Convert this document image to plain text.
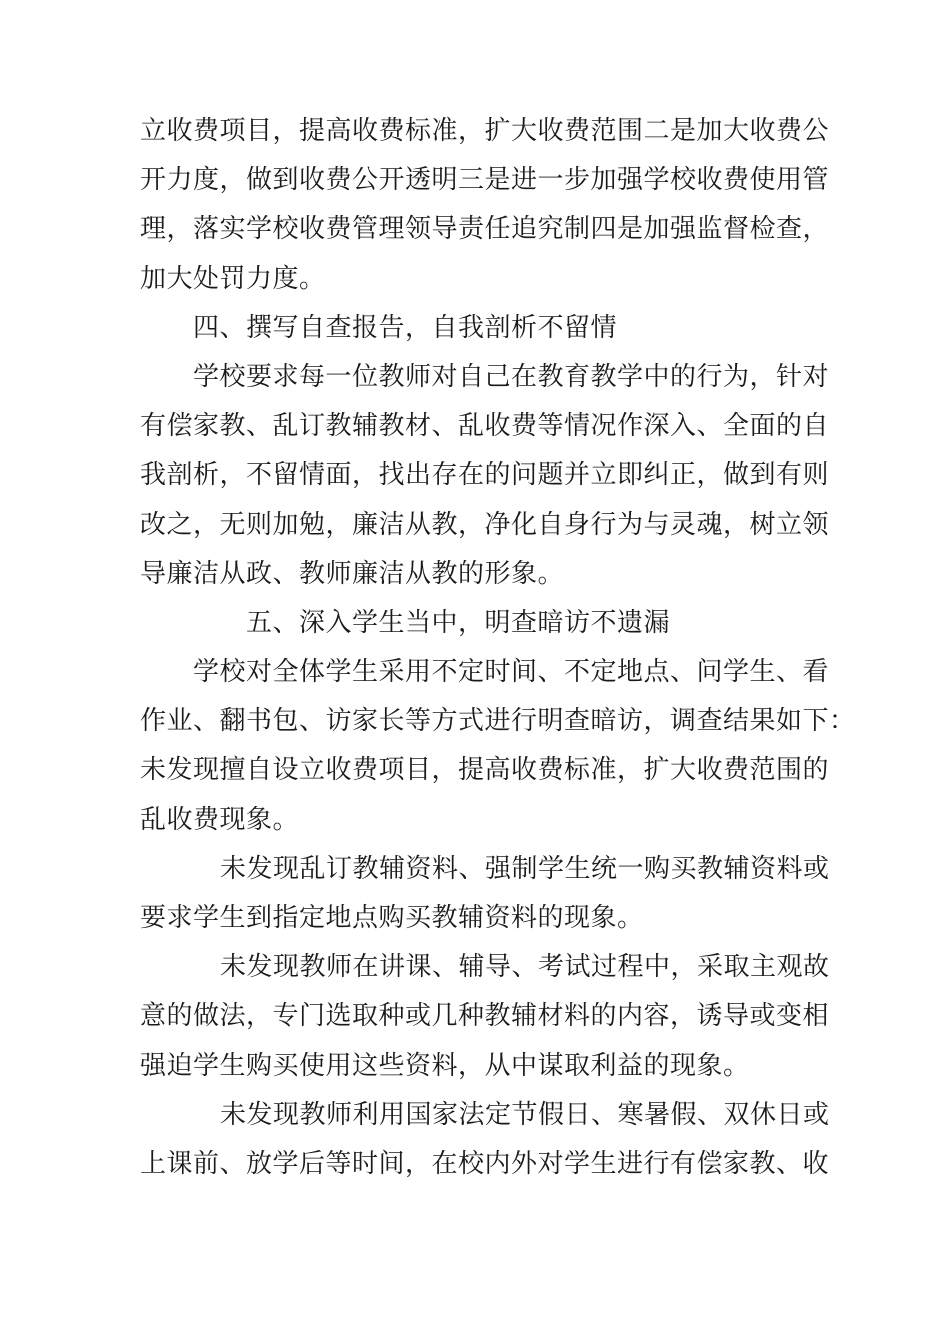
立收费项目，提高收费标准，扩大收费范围二是加大收费公
开力度，做到收费公开透明三是进一步加强学校收费使用管
理，落实学校收费管理领导责任追究制四是加强监督检查，
加大处罚力度。
四、撰写自查报告，自我剖析不留情
学校要求每一位教师对自己在教育教学中的行为，针对
有偿家教、乱订教辅教材、乱收费等情况作深入、全面的自
我剖析，不留情面，找出存在的问题并立即纠正，做到有则
改之，无则加勉，廉洁从教，净化自身行为与灵魂，树立领
导廉洁从政、教师廉洁从教的形象。
五、深入学生当中，明查暗访不遗漏
学校对全体学生采用不定时间、不定地点、问学生、看
作业、翻书包、访家长等方式进行明查暗访，调查结果如下：
未发现擅自设立收费项目，提高收费标准，扩大收费范围的
乱收费现象。
未发现乱订教辅资料、强制学生统一购买教辅资料或
要求学生到指定地点购买教辅资料的现象。
未发现教师在讲课、辅导、考试过程中，采取主观故
意的做法，专门选取种或几种教辅材料的内容，诱导或变相
强迫学生购买使用这些资料，从中谋取利益的现象。
未发现教师利用国家法定节假日、寒暑假、双休日或
上课前、放学后等时间，在校内外对学生进行有偿家教、收
